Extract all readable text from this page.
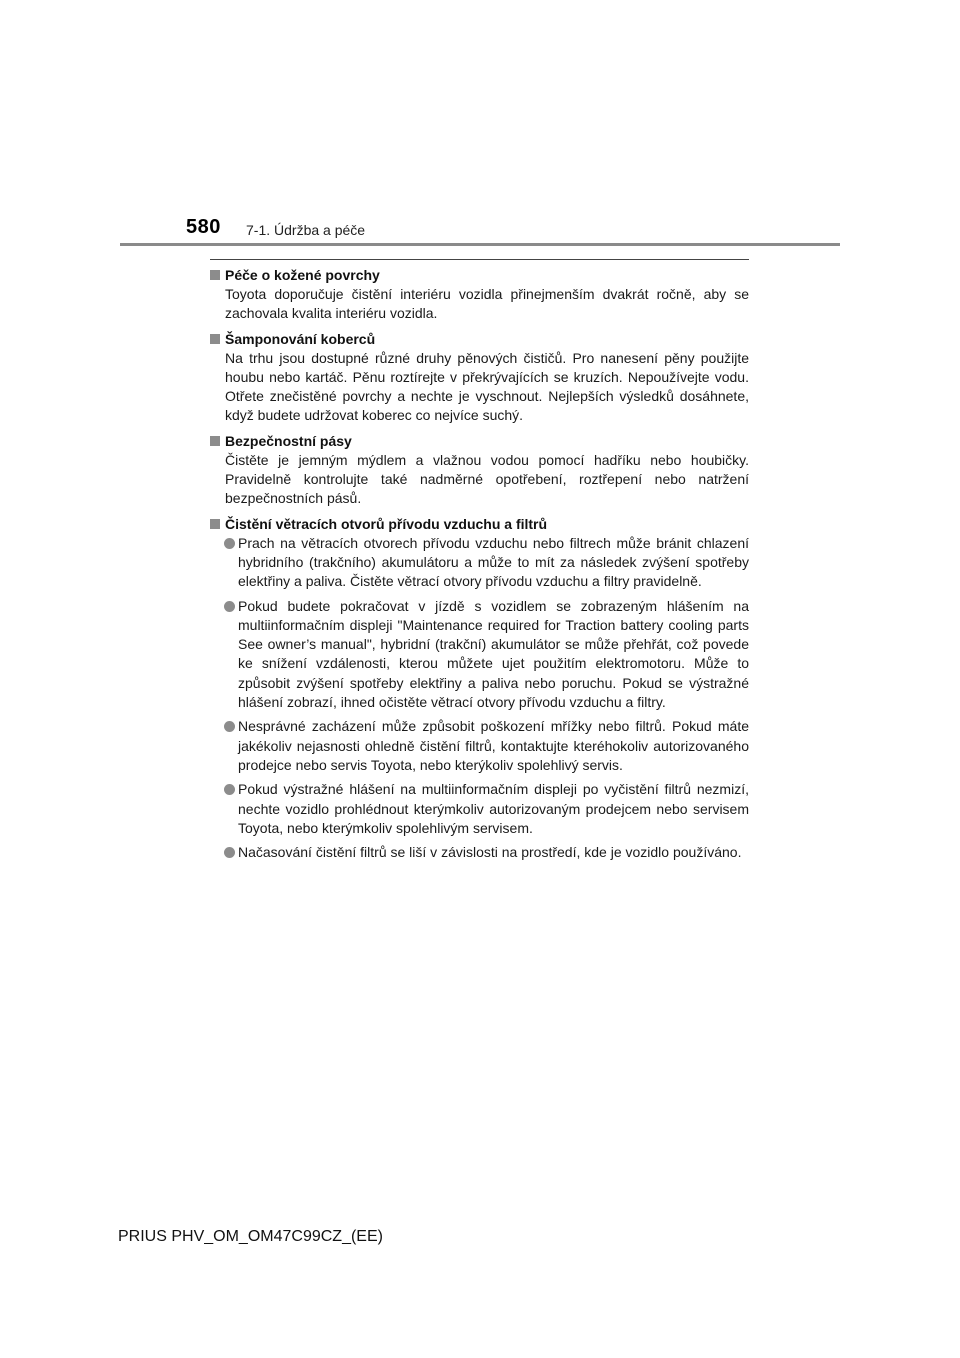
580 7-1. Údržba a péče
Péče o kožené povrchy
Toyota doporučuje čistění interiéru vozidla přinejmenším dvakrát ročně, aby se zachovala kvalita interiéru vozidla.
Šamponování koberců
Na trhu jsou dostupné různé druhy pěnových čističů. Pro nanesení pěny použijte houbu nebo kartáč. Pěnu roztírejte v překrývajících se kruzích. Nepoužívejte vodu. Otřete znečistěné povrchy a nechte je vyschnout. Nejlepších výsledků dosáhnete, když budete udržovat koberec co nejvíce suchý.
Bezpečnostní pásy
Čistěte je jemným mýdlem a vlažnou vodou pomocí hadříku nebo houbičky. Pravidelně kontrolujte také nadměrné opotřebení, roztřepení nebo natržení bezpečnostních pásů.
Čistění větracích otvorů přívodu vzduchu a filtrů
Prach na větracích otvorech přívodu vzduchu nebo filtrech může bránit chlazení hybridního (trakčního) akumulátoru a může to mít za následek zvýšení spotřeby elektřiny a paliva. Čistěte větrací otvory přívodu vzduchu a filtry pravidelně.
Pokud budete pokračovat v jízdě s vozidlem se zobrazeným hlášením na multiinformačním displeji "Maintenance required for Traction battery cooling parts See owner’s manual", hybridní (trakční) akumulátor se může přehřát, což povede ke snížení vzdálenosti, kterou můžete ujet použitím elektromotoru. Může to způsobit zvýšení spotřeby elektřiny a paliva nebo poruchu. Pokud se výstražné hlášení zobrazí, ihned očistěte větrací otvory přívodu vzduchu a filtry.
Nesprávné zacházení může způsobit poškození mřížky nebo filtrů. Pokud máte jakékoliv nejasnosti ohledně čistění filtrů, kontaktujte kteréhokoliv autorizovaného prodejce nebo servis Toyota, nebo kterýkoliv spolehlivý servis.
Pokud výstražné hlášení na multiinformačním displeji po vyčistění filtrů nezmizí, nechte vozidlo prohlédnout kterýmkoliv autorizovaným prodejcem nebo servisem Toyota, nebo kterýmkoliv spolehlivým servisem.
Načasování čistění filtrů se liší v závislosti na prostředí, kde je vozidlo používáno.
PRIUS PHV_OM_OM47C99CZ_(EE)
